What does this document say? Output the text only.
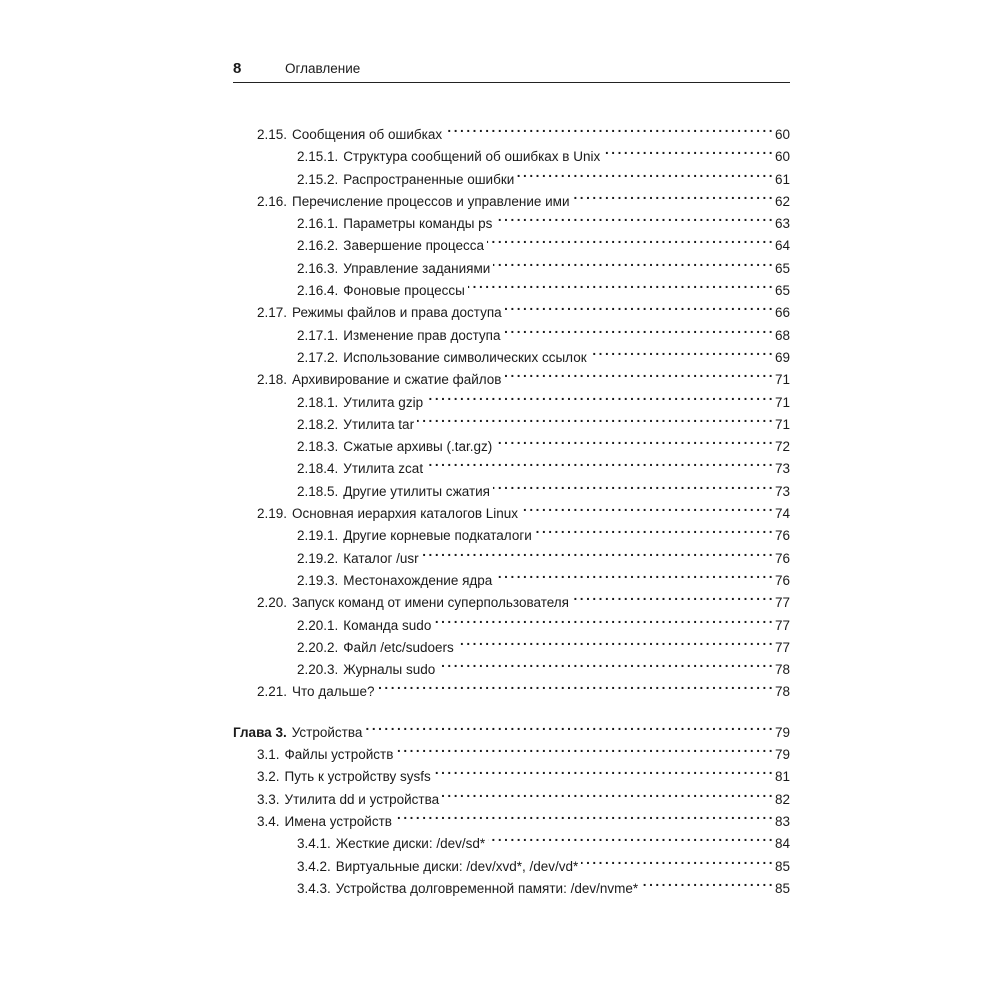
8	Оглавление
2.15. Сообщения об ошибках . . .	60
2.15.1. Структура сообщений об ошибках в Unix . . .	60
2.15.2. Распространенные ошибки . . .	61
2.16. Перечисление процессов и управление ими . . .	62
2.16.1. Параметры команды ps . . .	63
2.16.2. Завершение процесса . . .	64
2.16.3. Управление заданиями . . .	65
2.16.4. Фоновые процессы . . .	65
2.17. Режимы файлов и права доступа . . .	66
2.17.1. Изменение прав доступа . . .	68
2.17.2. Использование символических ссылок . . .	69
2.18. Архивирование и сжатие файлов . . .	71
2.18.1. Утилита gzip . . .	71
2.18.2. Утилита tar . . .	71
2.18.3. Сжатые архивы (.tar.gz) . . .	72
2.18.4. Утилита zcat . . .	73
2.18.5. Другие утилиты сжатия . . .	73
2.19. Основная иерархия каталогов Linux . . .	74
2.19.1. Другие корневые подкаталоги . . .	76
2.19.2. Каталог /usr . . .	76
2.19.3. Местонахождение ядра . . .	76
2.20. Запуск команд от имени суперпользователя . . .	77
2.20.1. Команда sudo . . .	77
2.20.2. Файл /etc/sudoers . . .	77
2.20.3. Журналы sudo . . .	78
2.21. Что дальше? . . .	78
Глава 3. Устройства . . .	79
3.1. Файлы устройств . . .	79
3.2. Путь к устройству sysfs . . .	81
3.3. Утилита dd и устройства . . .	82
3.4. Имена устройств . . .	83
3.4.1. Жесткие диски: /dev/sd* . . .	84
3.4.2. Виртуальные диски: /dev/xvd*, /dev/vd* . . .	85
3.4.3. Устройства долговременной памяти: /dev/nvme* . . .	85
